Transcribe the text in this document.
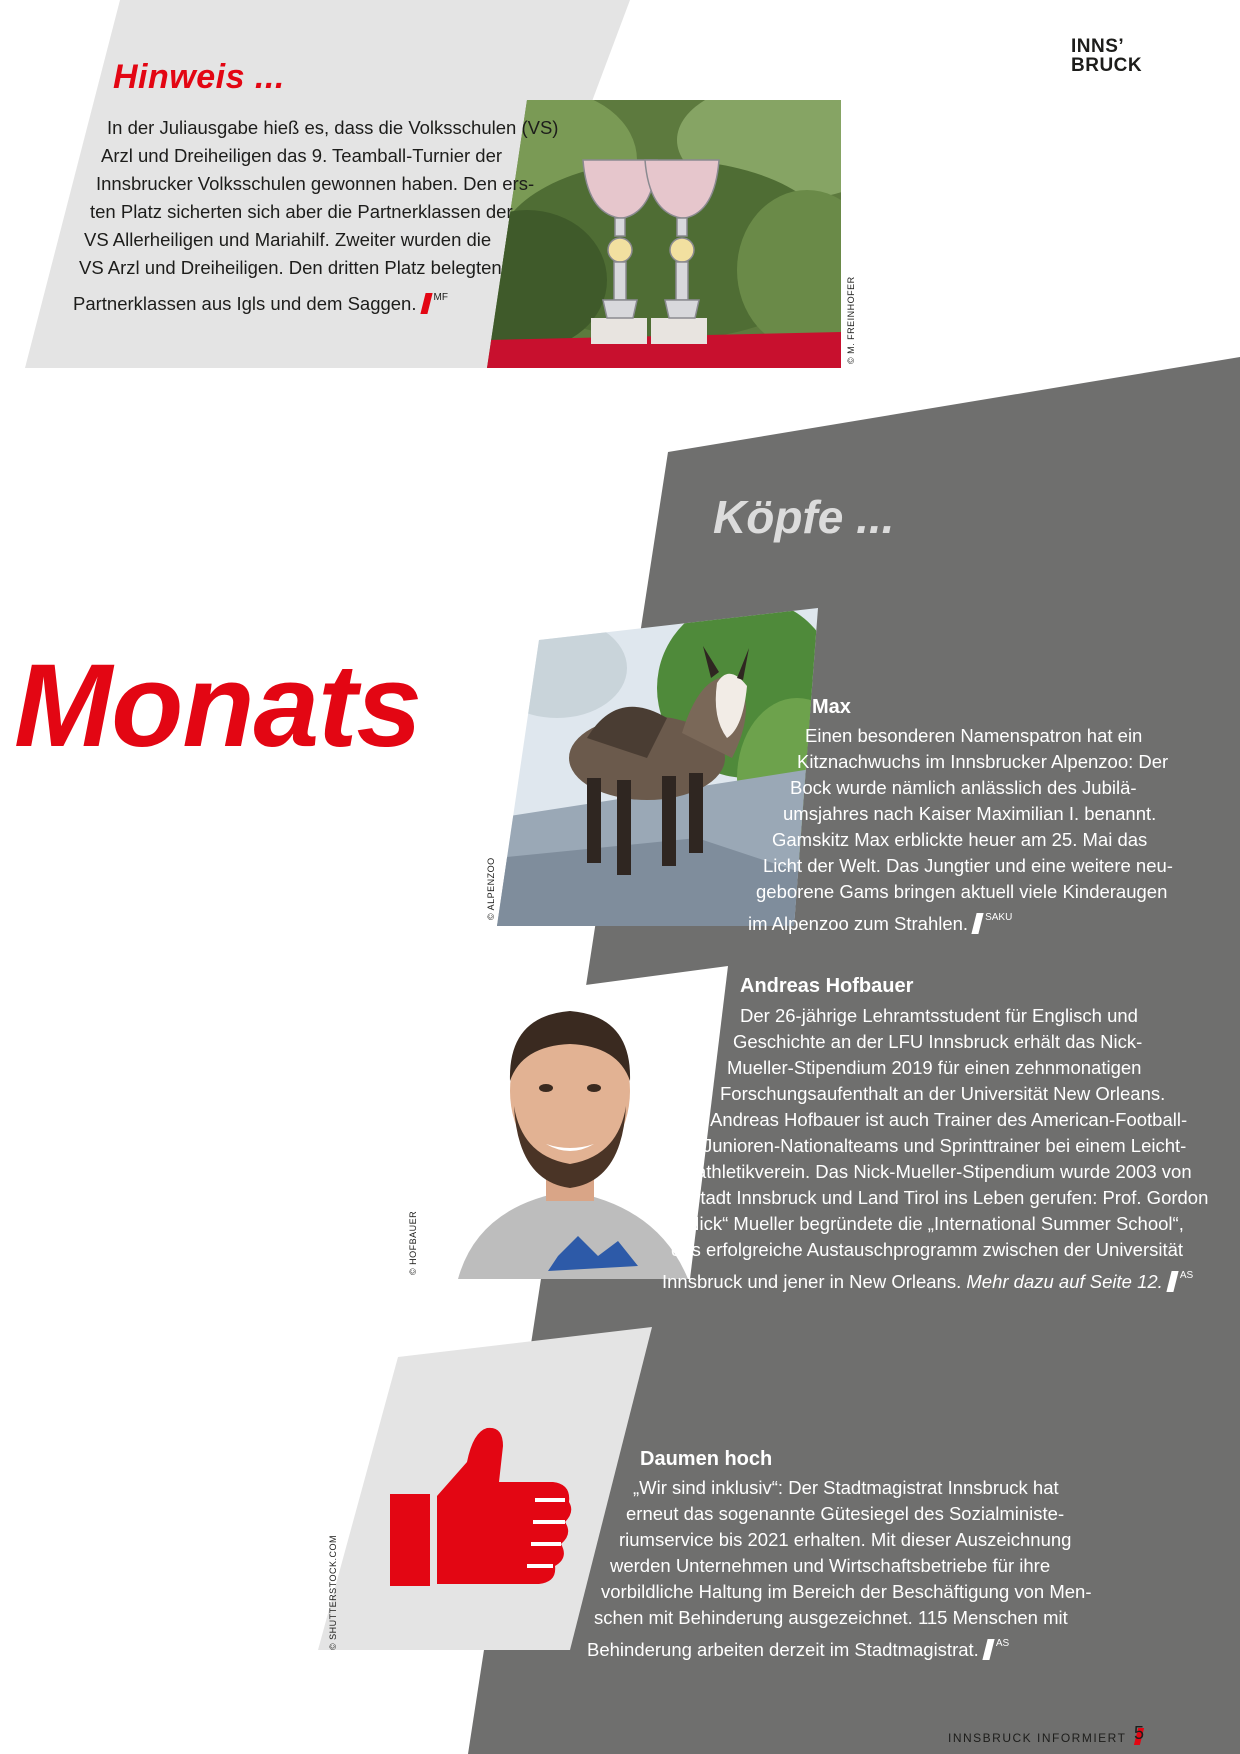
© M. FREINHOFER
© ALPENZOO
© HOFBAUER
© SHUTTERSTOCK.COM
INNS’
BRUCK
Hinweis ...
In der Juliausgabe hieß es, dass die Volksschulen (VS)
Arzl und Dreiheiligen das 9. Teamball-Turnier der
Innsbrucker Volksschulen gewonnen haben. Den ers-
ten Platz sicherten sich aber die Partnerklassen der
VS Allerheiligen und Mariahilf. Zweiter wurden die
VS Arzl und Dreiheiligen. Den dritten Platz belegten
Partnerklassen aus Igls und dem Saggen. $^{MF}$
Köpfe ...
Monats	Max
Einen besonderen Namenspatron hat ein
Kitznachwuchs im Innsbrucker Alpenzoo: Der
Bock wurde nämlich anlässlich des Jubilä-
umsjahres nach Kaiser Maximilian I. benannt.
Gamskitz Max erblickte heuer am 25. Mai das
Licht der Welt. Das Jungtier und eine weitere neu-
geborene Gams bringen aktuell viele Kinderaugen
im Alpenzoo zum Strahlen. $^{SAKU}$
Andreas Hofbauer
Der 26-jährige Lehramtsstudent für Englisch und
Geschichte an der LFU Innsbruck erhält das Nick-
Mueller-Stipendium 2019 für einen zehnmonatigen
Forschungsaufenthalt an der Universität New Orleans.
Andreas Hofbauer ist auch Trainer des American-Football-
Junioren-Nationalteams und Sprinttrainer bei einem Leicht-
athletikverein. Das Nick-Mueller-Stipendium wurde 2003 von
Stadt Innsbruck und Land Tirol ins Leben gerufen: Prof. Gordon
„Nick“ Mueller begründete die „International Summer School“,
das erfolgreiche Austauschprogramm zwischen der Universität
Innsbruck und jener in New Orleans. Mehr dazu auf Seite 12. $^{AS}$
Daumen hoch
„Wir sind inklusiv“: Der Stadtmagistrat Innsbruck hat
erneut das sogenannte Gütesiegel des Sozialministe-
riumservice bis 2021 erhalten. Mit dieser Auszeichnung
werden Unternehmen und Wirtschaftsbetriebe für ihre
vorbildliche Haltung im Bereich der Beschäftigung von Men-
schen mit Behinderung ausgezeichnet. 115 Menschen mit
Behinderung arbeiten derzeit im Stadtmagistrat. $^{AS}$
INNSBRUCK INFORMIERT 5
